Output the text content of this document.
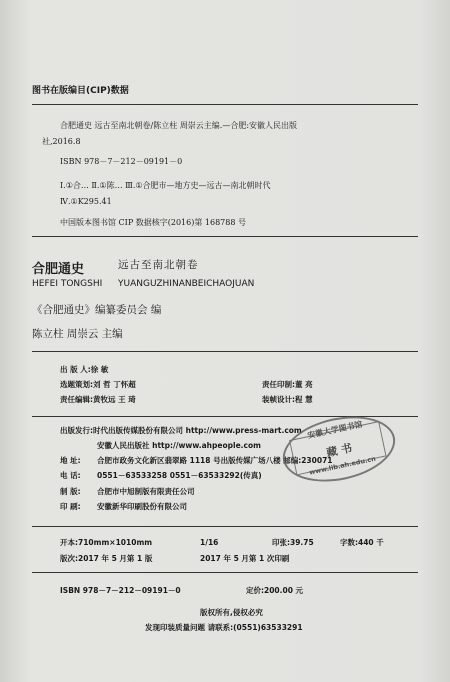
图书在版编目(CIP)数据
合肥通史 远古至南北朝卷/陈立柱 周崇云主编.—合肥:安徽人民出版
社,2016.8
ISBN 978－7－212－09191－0
Ⅰ.①合… Ⅱ.①陈… Ⅲ.①合肥市—地方史—远古—南北朝时代
Ⅳ.①K295.41
中国版本图书馆 CIP 数据核字(2016)第 168788 号
合肥通史	远古至南北朝卷
HEFEI TONGSHI YUANGUZHINANBEICHAOJUAN
《合肥通史》编纂委员会 编
陈立柱 周崇云 主编
出 版 人:徐 敏
选题策划:刘 哲 丁怀超	责任印制:董 亮
责任编辑:黄牧远 王 琦	装帧设计:程 慧
出版发行:时代出版传媒股份有限公司 http://www.press-mart.com
安徽人民出版社 http://www.ahpeople.com
地 址: 合肥市政务文化新区翡翠路 1118 号出版传媒广场八楼 邮编:230071
电 话: 0551－63533258 0551－63533292(传真)
制 版: 合肥市中旭制版有限责任公司
印 刷: 安徽新华印刷股份有限公司
开本:710mm×1010mm	1/16	印张:39.75	字数:440 千
版次:2017 年 5 月第 1 版	2017 年 5 月第 1 次印刷
ISBN 978－7－212－09191－0	定价:200.00 元
版权所有,侵权必究
发现印装质量问题 请联系:(0551)63533291
安徽大学图书馆
藏 书
www.lib.ah.edu.cn
